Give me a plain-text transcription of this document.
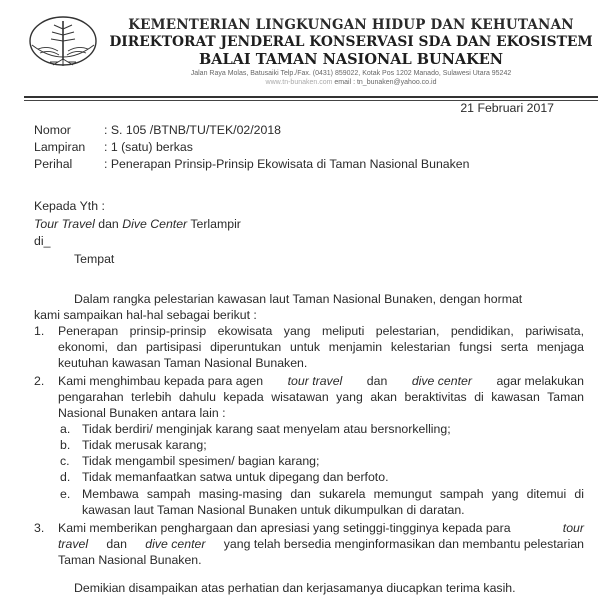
KEMENTERIAN LINGKUNGAN HIDUP DAN KEHUTANAN
DIREKTORAT JENDERAL KONSERVASI SDA DAN EKOSISTEM
BALAI TAMAN NASIONAL BUNAKEN
Jalan Raya Molas, Batusaiki Telp./Fax. (0431) 859022, Kotak Pos 1202 Manado, Sulawesi Utara 95242
www.tn-bunaken.com email : tn_bunaken@yahoo.co.id
21 Februari 2017
Nomor	: S. 105 /BTNB/TU/TEK/02/2018
Lampiran : 1 (satu) berkas
Perihal	: Penerapan Prinsip-Prinsip Ekowisata di Taman Nasional Bunaken
Kepada Yth :
Tour Travel dan Dive Center Terlampir
di_
Tempat
Dalam rangka pelestarian kawasan laut Taman Nasional Bunaken, dengan hormat
kami sampaikan hal-hal sebagai berikut :
1. Penerapan prinsip-prinsip ekowisata yang meliputi pelestarian, pendidikan, pariwisata,
ekonomi, dan partisipasi diperuntukan untuk menjamin kelestarian fungsi serta menjaga
keutuhan kawasan Taman Nasional Bunaken.
2. Kami menghimbau kepada para agen tour travel dan dive center agar melakukan
pengarahan terlebih dahulu kepada wisatawan yang akan beraktivitas di kawasan Taman
Nasional Bunaken antara lain :
a. Tidak berdiri/ menginjak karang saat menyelam atau bersnorkelling;
b. Tidak merusak karang;
c. Tidak mengambil spesimen/ bagian karang;
d. Tidak memanfaatkan satwa untuk dipegang dan berfoto.
e. Membawa sampah masing-masing dan sukarela memungut sampah yang ditemui di
kawasan laut Taman Nasional Bunaken untuk dikumpulkan di daratan.
3. Kami memberikan penghargaan dan apresiasi yang setinggi-tingginya kepada para	tour
travel dan dive center yang telah bersedia menginformasikan dan membantu pelestarian
Taman Nasional Bunaken.
Demikian disampaikan atas perhatian dan kerjasamanya diucapkan terima kasih.
